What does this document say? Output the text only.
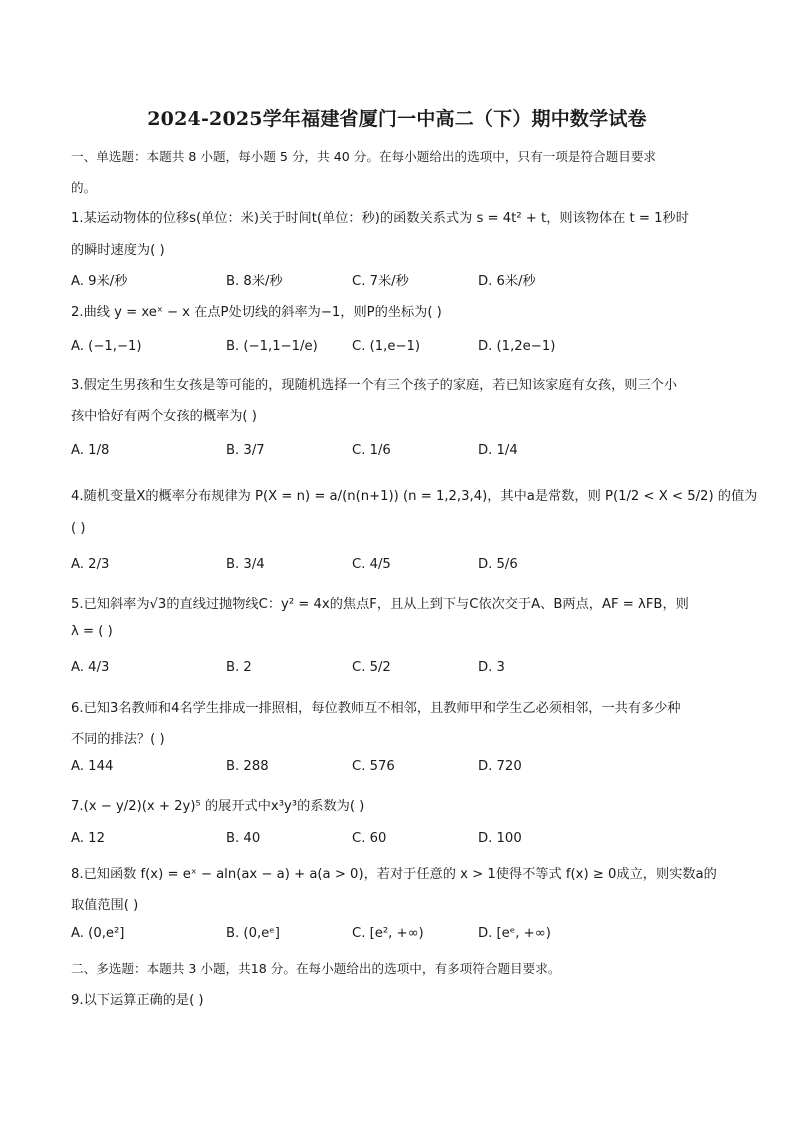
2024-2025学年福建省厦门一中高二（下）期中数学试卷
一、单选题：本题共 8 小题，每小题 5 分，共 40 分。在每小题给出的选项中，只有一项是符合题目要求
的。
1.某运动物体的位移s(单位：米)关于时间t(单位：秒)的函数关系式为 s = 4t² + t，则该物体在 t = 1秒时
的瞬时速度为( )
A. 9米/秒	B. 8米/秒	C. 7米/秒	D. 6米/秒
2.曲线 y = xeˣ − x 在点P处切线的斜率为−1，则P的坐标为( )
A. (−1,−1)	B. (−1,1−1/e)	C. (1,e−1)	D. (1,2e−1)
3.假定生男孩和生女孩是等可能的，现随机选择一个有三个孩子的家庭，若已知该家庭有女孩，则三个小
孩中恰好有两个女孩的概率为( )
A. 1/8	B. 3/7	C. 1/6	D. 1/4
4.随机变量X的概率分布规律为 P(X = n) = a/(n(n+1)) (n = 1,2,3,4)，其中a是常数，则 P(1/2 < X < 5/2) 的值为
( )
A. 2/3	B. 3/4	C. 4/5	D. 5/6
5.已知斜率为√3的直线过抛物线C：y² = 4x的焦点F，且从上到下与C依次交于A、B两点，AF = λFB，则
λ = ( )
A. 4/3	B. 2	C. 5/2	D. 3
6.已知3名教师和4名学生排成一排照相，每位教师互不相邻，且教师甲和学生乙必须相邻，一共有多少种
不同的排法？( )
A. 144	B. 288	C. 576	D. 720
7.(x − y/2)(x + 2y)⁵ 的展开式中x³y³的系数为( )
A. 12	B. 40	C. 60	D. 100
8.已知函数 f(x) = eˣ − aln(ax − a) + a(a > 0)，若对于任意的 x > 1使得不等式 f(x) ≥ 0成立，则实数a的
取值范围( )
A. (0,e²]	B. (0,eᵉ]	C. [e², +∞)	D. [eᵉ, +∞)
二、多选题：本题共 3 小题，共18 分。在每小题给出的选项中，有多项符合题目要求。
9.以下运算正确的是( )
